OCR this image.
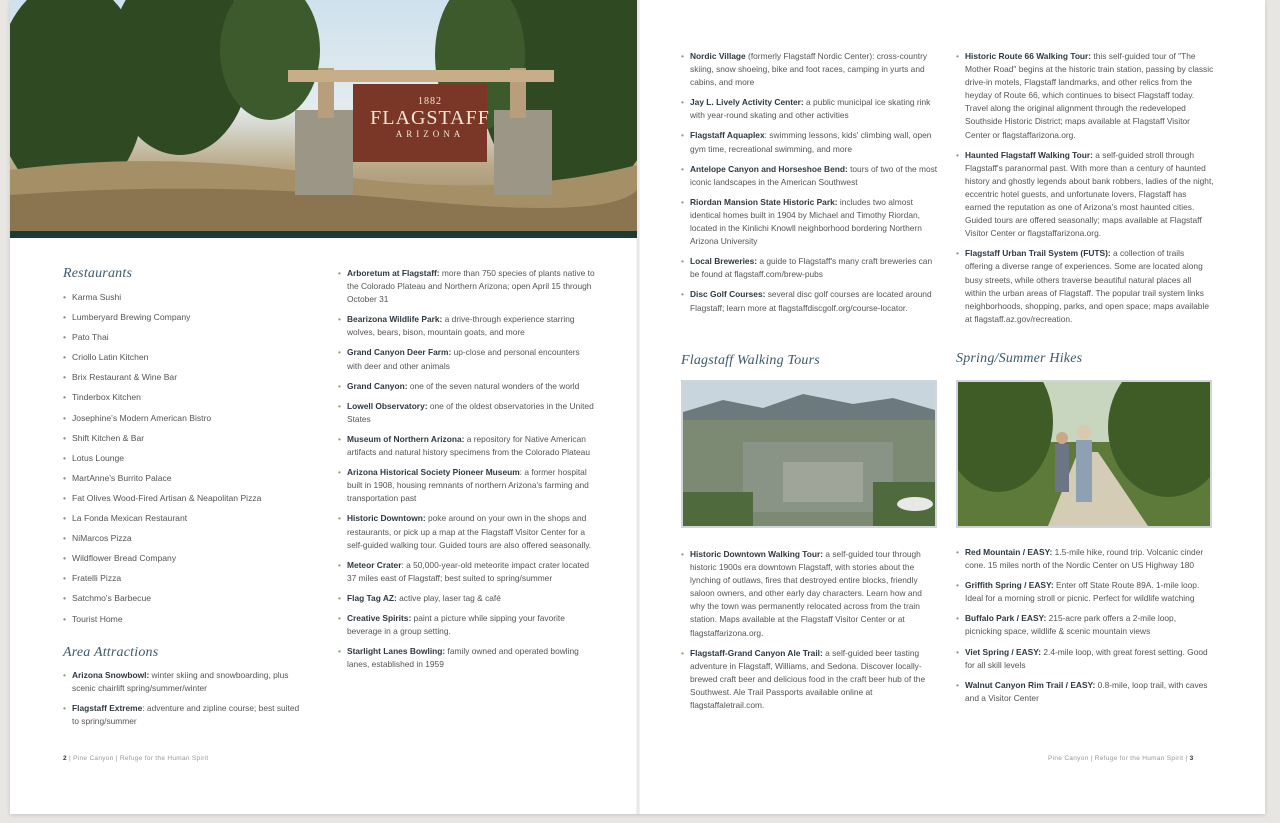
1882
FLAGSTAFF
ARIZONA
Restaurants
• Karma Sushi
• Lumberyard Brewing Company
• Pato Thai
• Criollo Latin Kitchen
• Brix Restaurant & Wine Bar
• Tinderbox Kitchen
• Josephine's Modern American Bistro
• Shift Kitchen & Bar
• Lotus Lounge
• MartAnne's Burrito Palace
• Fat Olives Wood-Fired Artisan & Neapolitan Pizza
• La Fonda Mexican Restaurant
• NiMarcos Pizza
• Wildflower Bread Company
• Fratelli Pizza
• Satchmo's Barbecue
• Tourist Home
Area Attractions
• Arizona Snowbowl: winter skiing and snowboarding, plus scenic chairlift spring/summer/winter
• Flagstaff Extreme: adventure and zipline course; best suited to spring/summer
• Arboretum at Flagstaff: more than 750 species of plants native to the Colorado Plateau and Northern Arizona; open April 15 through October 31
• Bearizona Wildlife Park: a drive-through experience starring wolves, bears, bison, mountain goats, and more
• Grand Canyon Deer Farm: up-close and personal encounters with deer and other animals
• Grand Canyon: one of the seven natural wonders of the world
• Lowell Observatory: one of the oldest observatories in the United States
• Museum of Northern Arizona: a repository for Native American artifacts and natural history specimens from the Colorado Plateau
• Arizona Historical Society Pioneer Museum: a former hospital built in 1908, housing remnants of northern Arizona's farming and transportation past
• Historic Downtown: poke around on your own in the shops and restaurants, or pick up a map at the Flagstaff Visitor Center for a self-guided walking tour. Guided tours are also offered seasonally.
• Meteor Crater: a 50,000-year-old meteorite impact crater located 37 miles east of Flagstaff; best suited to spring/summer
• Flag Tag AZ: active play, laser tag & café
• Creative Spirits: paint a picture while sipping your favorite beverage in a group setting.
• Starlight Lanes Bowling: family owned and operated bowling lanes, established in 1959
• Nordic Village (formerly Flagstaff Nordic Center): cross-country skiing, snow shoeing, bike and foot races, camping in yurts and cabins, and more
• Jay L. Lively Activity Center: a public municipal ice skating rink with year-round skating and other activities
• Flagstaff Aquaplex: swimming lessons, kids' climbing wall, open gym time, recreational swimming, and more
• Antelope Canyon and Horseshoe Bend: tours of two of the most iconic landscapes in the American Southwest
• Riordan Mansion State Historic Park: includes two almost identical homes built in 1904 by Michael and Timothy Riordan, located in the Kinlichi Knowll neighborhood bordering Northern Arizona University
• Local Breweries: a guide to Flagstaff's many craft breweries can be found at flagstaff.com/brew-pubs
• Disc Golf Courses: several disc golf courses are located around Flagstaff; learn more at flagstaffdiscgolf.org/course-locator.
• Historic Route 66 Walking Tour: this self-guided tour of "The Mother Road" begins at the historic train station, passing by classic drive-in motels, Flagstaff landmarks, and other relics from the heyday of Route 66, which continues to bisect Flagstaff today. Travel along the original alignment through the redeveloped Southside Historic District; maps available at Flagstaff Visitor Center or flagstaffarizona.org.
• Haunted Flagstaff Walking Tour: a self-guided stroll through Flagstaff's paranormal past. With more than a century of haunted history and ghostly legends about bank robbers, ladies of the night, eccentric hotel guests, and unfortunate lovers, Flagstaff has earned the reputation as one of Arizona's most haunted cities. Guided tours are offered seasonally; maps available at Flagstaff Visitor Center or flagstaffarizona.org.
• Flagstaff Urban Trail System (FUTS): a collection of trails offering a diverse range of experiences. Some are located along busy streets, while others traverse beautiful natural places all within the urban areas of Flagstaff. The popular trail system links neighborhoods, shopping, parks, and open space; maps available at flagstaff.az.gov/recreation.
Flagstaff Walking Tours
• Historic Downtown Walking Tour: a self-guided tour through historic 1900s era downtown Flagstaff, with stories about the lynching of outlaws, fires that destroyed entire blocks, friendly saloon owners, and other early day characters. Learn how and why the town was permanently relocated across from the train station. Maps available at the Flagstaff Visitor Center or at flagstaffarizona.org.
• Flagstaff-Grand Canyon Ale Trail: a self-guided beer tasting adventure in Flagstaff, Williams, and Sedona. Discover locally-brewed craft beer and delicious food in the craft beer hub of the Southwest. Ale Trail Passports available online at flagstaffaletrail.com.
Spring/Summer Hikes
• Red Mountain / EASY: 1.5-mile hike, round trip. Volcanic cinder cone. 15 miles north of the Nordic Center on US Highway 180
• Griffith Spring / EASY: Enter off State Route 89A. 1-mile loop. Ideal for a morning stroll or picnic. Perfect for wildlife watching
• Buffalo Park / EASY: 215-acre park offers a 2-mile loop, picnicking space, wildlife & scenic mountain views
• Viet Spring / EASY: 2.4-mile loop, with great forest setting. Good for all skill levels
• Walnut Canyon Rim Trail / EASY: 0.8-mile, loop trail, with caves and a Visitor Center
2 | Pine Canyon | Refuge for the Human Spirit	Pine Canyon | Refuge for the Human Spirit | 3
